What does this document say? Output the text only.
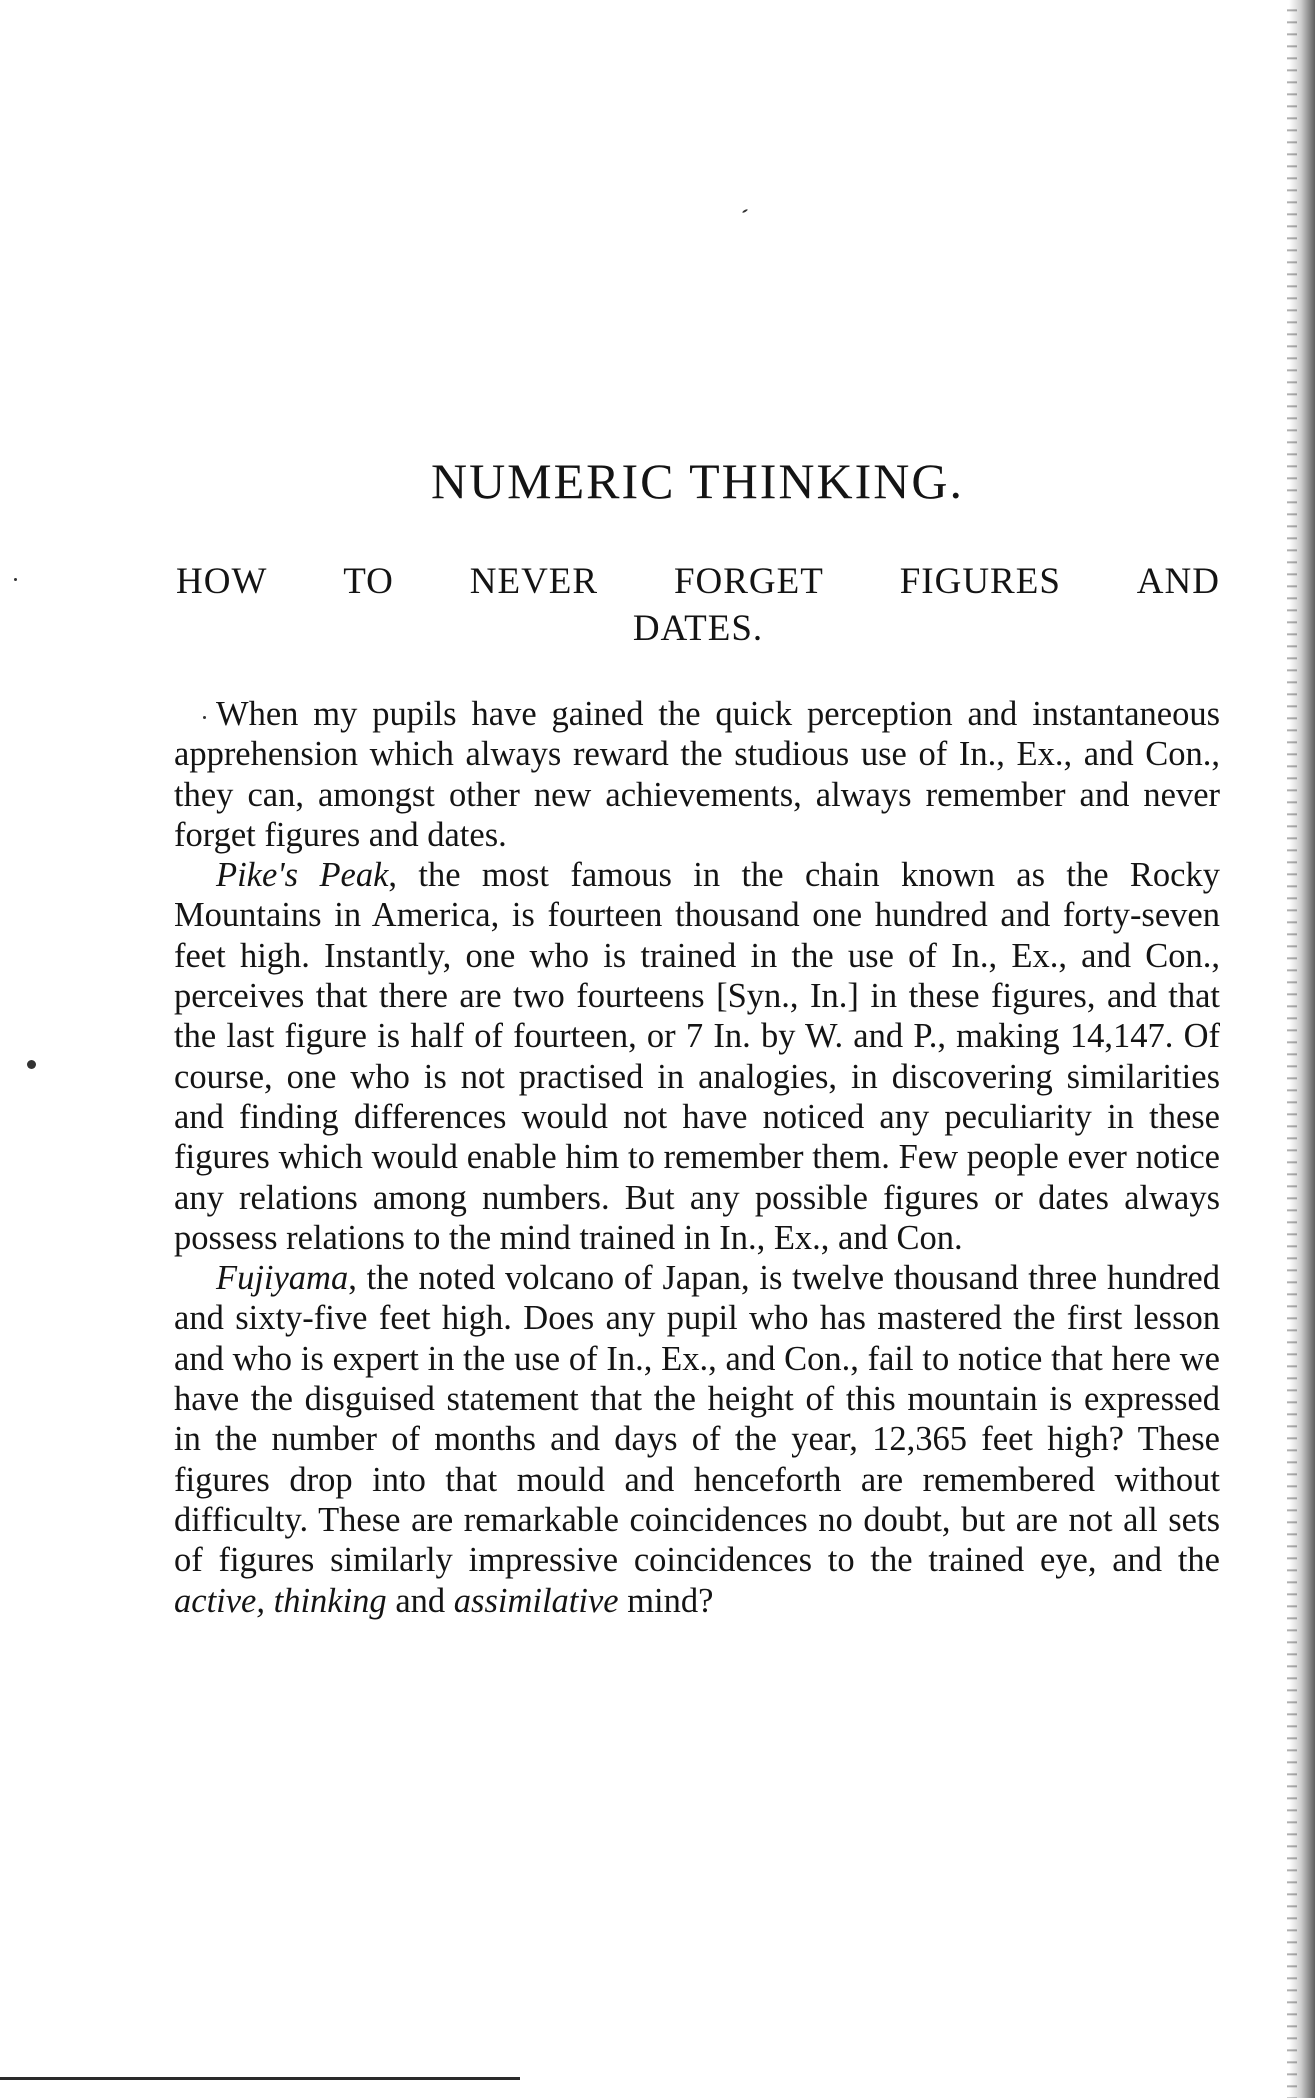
NUMERIC THINKING.
HOW TO NEVER FORGET FIGURES AND
DATES.

When my pupils have gained the quick perception and instantaneous apprehension which always reward the studious use of In., Ex., and Con., they can, amongst other new achievements, always remember and never forget figures and dates.

Pike's Peak, the most famous in the chain known as the Rocky Mountains in America, is fourteen thousand one hundred and forty-seven feet high. Instantly, one who is trained in the use of In., Ex., and Con., perceives that there are two fourteens [Syn., In.] in these figures, and that the last figure is half of fourteen, or 7 In. by W. and P., making 14,147. Of course, one who is not practised in analogies, in discovering similarities and finding differences would not have noticed any peculiarity in these figures which would enable him to remember them. Few people ever notice any relations among numbers. But any possible figures or dates always possess relations to the mind trained in In., Ex., and Con.

Fujiyama, the noted volcano of Japan, is twelve thousand three hundred and sixty-five feet high. Does any pupil who has mastered the first lesson and who is expert in the use of In., Ex., and Con., fail to notice that here we have the disguised statement that the height of this mountain is expressed in the number of months and days of the year, 12,365 feet high? These figures drop into that mould and henceforth are remembered without difficulty. These are remarkable coincidences no doubt, but are not all sets of figures similarly impressive coincidences to the trained eye, and the active, thinking and assimilative mind?
